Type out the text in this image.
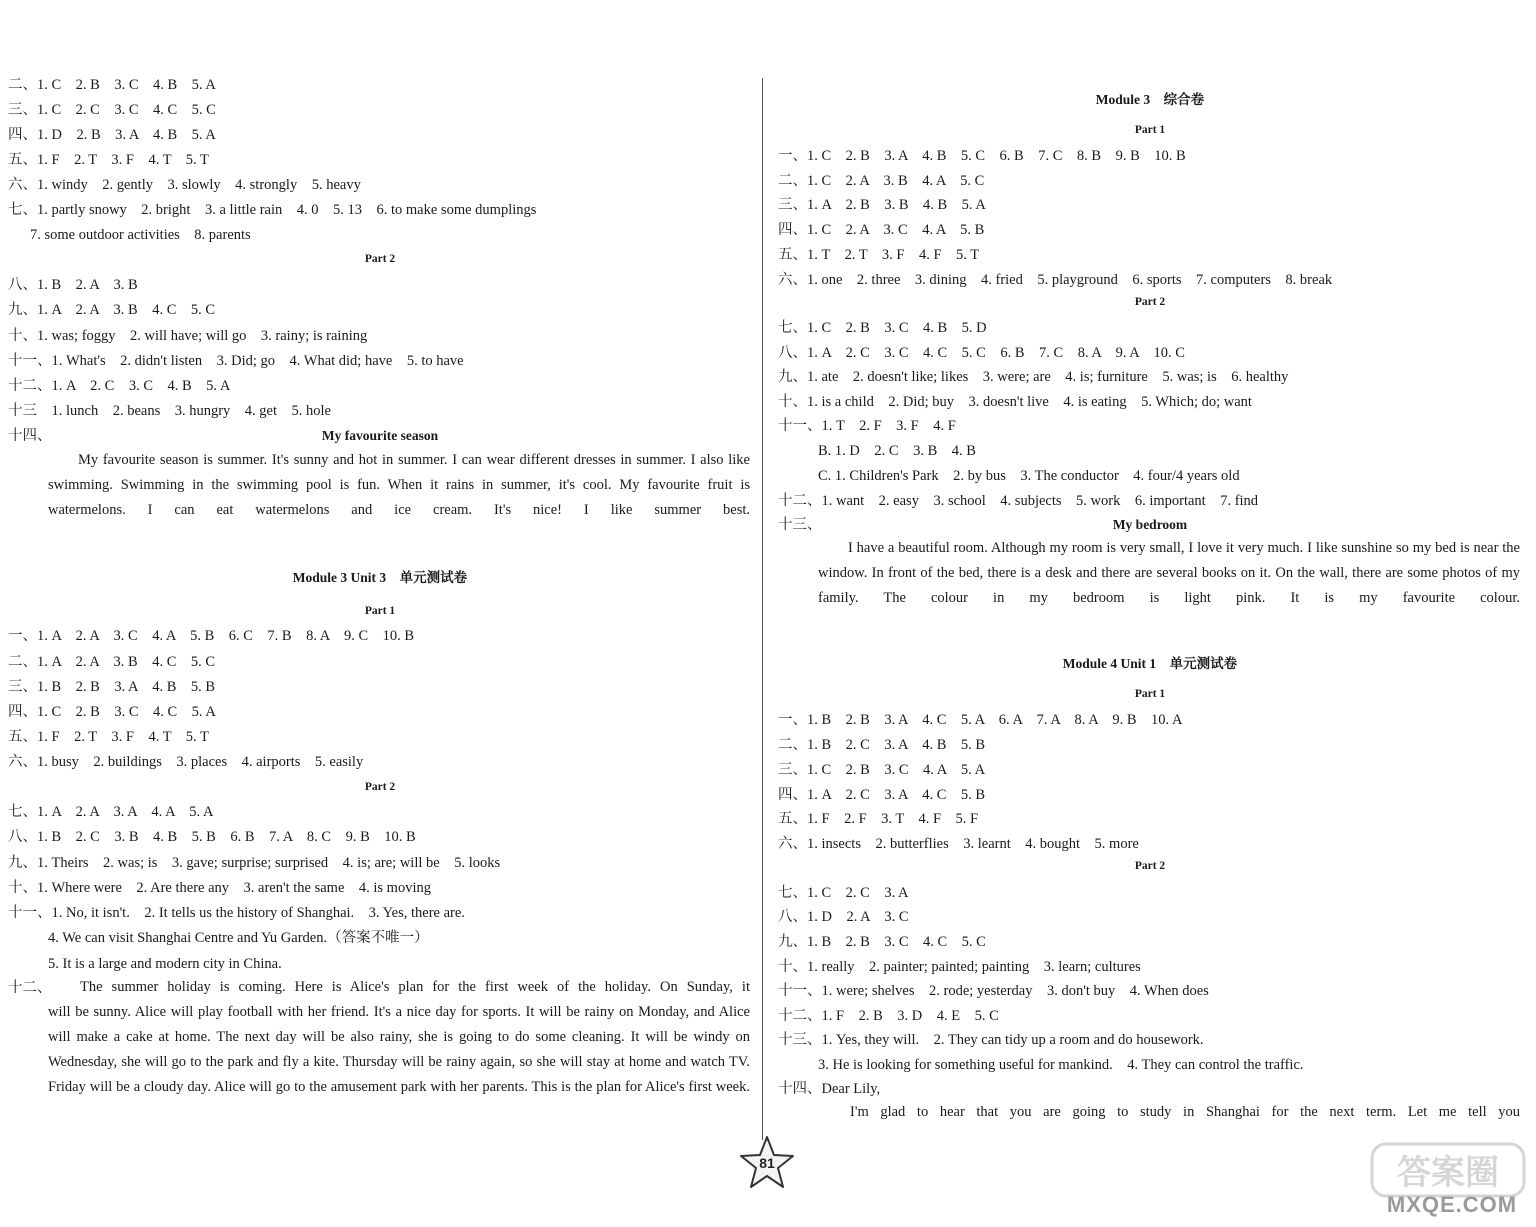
二、1. C　2. B　3. C　4. B　5. A
三、1. C　2. C　3. C　4. C　5. C
四、1. D　2. B　3. A　4. B　5. A
五、1. F　2. T　3. F　4. T　5. T
六、1. windy　2. gently　3. slowly　4. strongly　5. heavy
七、1. partly snowy　2. bright　3. a little rain　4. 0　5. 13　6. to make some dumplings
7. some outdoor activities　8. parents
Part 2
八、1. B　2. A　3. B
九、1. A　2. A　3. B　4. C　5. C
十、1. was; foggy　2. will have; will go　3. rainy; is raining
十一、1. What's　2. didn't listen　3. Did; go　4. What did; have　5. to have
十二、1. A　2. C　3. C　4. B　5. A
十三　1. lunch　2. beans　3. hungry　4. get　5. hole
十四、	My favourite season
My favourite season is summer. It's sunny and hot in summer. I can wear different dresses in summer. I also like swimming. Swimming in the swimming pool is fun. When it rains in summer, it's cool. My favourite fruit is watermelons. I can eat watermelons and ice cream. It's nice! I like summer best.
Module 3 Unit 3　单元测试卷
Part 1
一、1. A　2. A　3. C　4. A　5. B　6. C　7. B　8. A　9. C　10. B
二、1. A　2. A　3. B　4. C　5. C
三、1. B　2. B　3. A　4. B　5. B
四、1. C　2. B　3. C　4. C　5. A
五、1. F　2. T　3. F　4. T　5. T
六、1. busy　2. buildings　3. places　4. airports　5. easily
Part 2
七、1. A　2. A　3. A　4. A　5. A
八、1. B　2. C　3. B　4. B　5. B　6. B　7. A　8. C　9. B　10. B
九、1. Theirs　2. was; is　3. gave; surprise; surprised　4. is; are; will be　5. looks
十、1. Where were　2. Are there any　3. aren't the same　4. is moving
十一、1. No, it isn't.　2. It tells us the history of Shanghai.　3. Yes, there are.
4. We can visit Shanghai Centre and Yu Garden.（答案不唯一）
5. It is a large and modern city in China.
十二、 The summer holiday is coming. Here is Alice's plan for the first week of the holiday. On Sunday, it
will be sunny. Alice will play football with her friend. It's a nice day for sports. It will be rainy on Monday, and Alice will make a cake at home. The next day will be also rainy, she is going to do some cleaning. It will be windy on Wednesday, she will go to the park and fly a kite. Thursday will be rainy again, so she will stay at home and watch TV. Friday will be a cloudy day. Alice will go to the amusement park with her parents. This is the plan for Alice's first week.
Module 3　综合卷
Part 1
一、1. C　2. B　3. A　4. B　5. C　6. B　7. C　8. B　9. B　10. B
二、1. C　2. A　3. B　4. A　5. C
三、1. A　2. B　3. B　4. B　5. A
四、1. C　2. A　3. C　4. A　5. B
五、1. T　2. T　3. F　4. F　5. T
六、1. one　2. three　3. dining　4. fried　5. playground　6. sports　7. computers　8. break
Part 2
七、1. C　2. B　3. C　4. B　5. D
八、1. A　2. C　3. C　4. C　5. C　6. B　7. C　8. A　9. A　10. C
九、1. ate　2. doesn't like; likes　3. were; are　4. is; furniture　5. was; is　6. healthy
十、1. is a child　2. Did; buy　3. doesn't live　4. is eating　5. Which; do; want
十一、1. T　2. F　3. F　4. F
B. 1. D　2. C　3. B　4. B
C. 1. Children's Park　2. by bus　3. The conductor　4. four/4 years old
十二、1. want　2. easy　3. school　4. subjects　5. work　6. important　7. find
十三、	My bedroom
I have a beautiful room. Although my room is very small, I love it very much. I like sunshine so my bed is near the window. In front of the bed, there is a desk and there are several books on it. On the wall, there are some photos of my family. The colour in my bedroom is light pink. It is my favourite colour.
Module 4 Unit 1　单元测试卷
Part 1
一、1. B　2. B　3. A　4. C　5. A　6. A　7. A　8. A　9. B　10. A
二、1. B　2. C　3. A　4. B　5. B
三、1. C　2. B　3. C　4. A　5. A
四、1. A　2. C　3. A　4. C　5. B
五、1. F　2. F　3. T　4. F　5. F
六、1. insects　2. butterflies　3. learnt　4. bought　5. more
Part 2
七、1. C　2. C　3. A
八、1. D　2. A　3. C
九、1. B　2. B　3. C　4. C　5. C
十、1. really　2. painter; painted; painting　3. learn; cultures
十一、1. were; shelves　2. rode; yesterday　3. don't buy　4. When does
十二、1. F　2. B　3. D　4. E　5. C
十三、1. Yes, they will.　2. They can tidy up a room and do housework.
3. He is looking for something useful for mankind.　4. They can control the traffic.
十四、Dear Lily,
I'm glad to hear that you are going to study in Shanghai for the next term. Let me tell you
81	答案圈
MXQE.COM
